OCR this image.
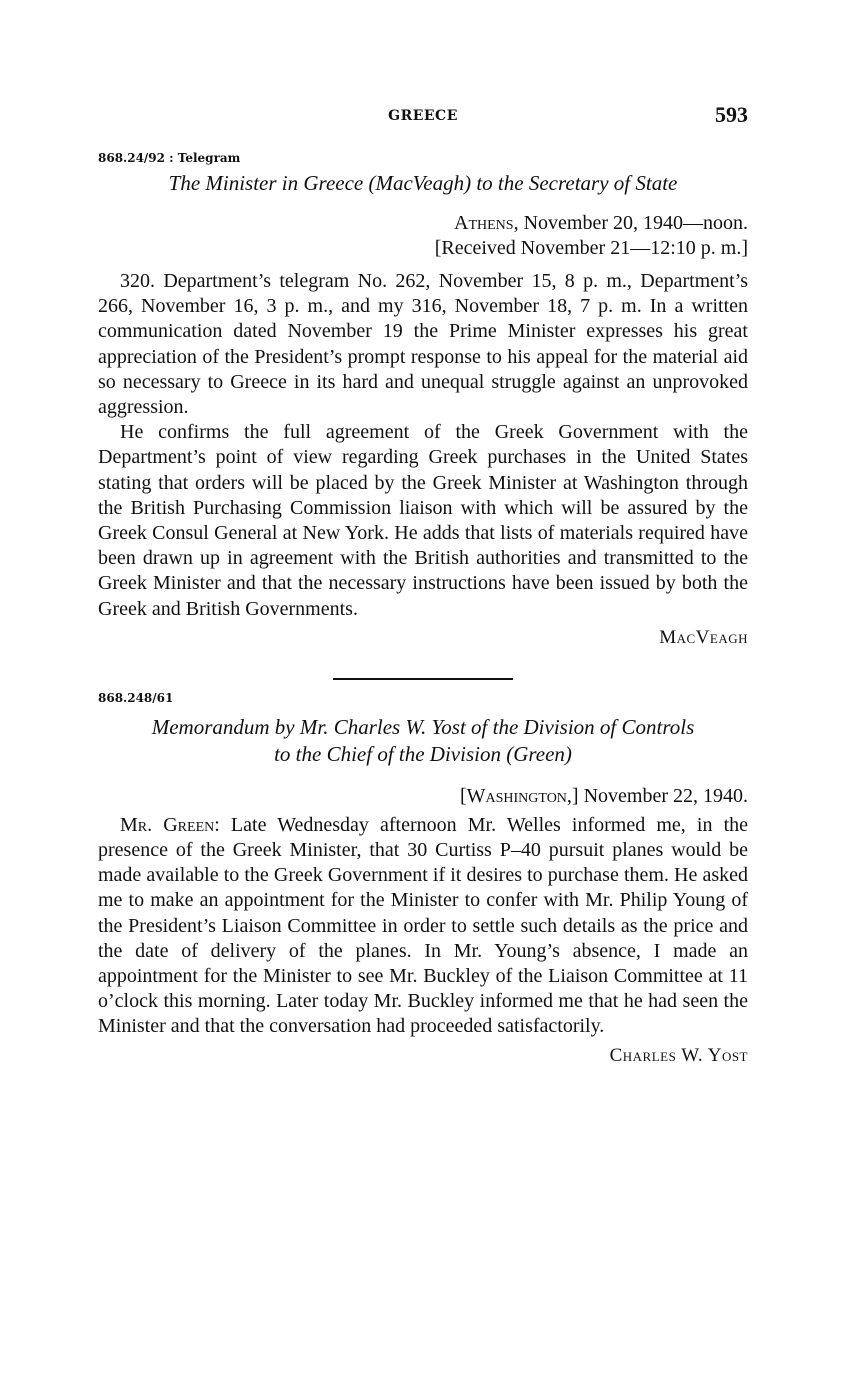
GREECE	593
868.24/92 : Telegram
The Minister in Greece (MacVeagh) to the Secretary of State
Athens, November 20, 1940—noon.
[Received November 21—12:10 p. m.]

320. Department’s telegram No. 262, November 15, 8 p. m., Department’s 266, November 16, 3 p. m., and my 316, November 18, 7 p. m. In a written communication dated November 19 the Prime Minister expresses his great appreciation of the President’s prompt response to his appeal for the material aid so necessary to Greece in its hard and unequal struggle against an unprovoked aggression.

He confirms the full agreement of the Greek Government with the Department’s point of view regarding Greek purchases in the United States stating that orders will be placed by the Greek Minister at Washington through the British Purchasing Commission liaison with which will be assured by the Greek Consul General at New York. He adds that lists of materials required have been drawn up in agreement with the British authorities and transmitted to the Greek Minister and that the necessary instructions have been issued by both the Greek and British Governments.

MacVeagh
868.248/61
Memorandum by Mr. Charles W. Yost of the Division of Controls
to the Chief of the Division (Green)
[Washington,] November 22, 1940.

Mr. Green: Late Wednesday afternoon Mr. Welles informed me, in the presence of the Greek Minister, that 30 Curtiss P–40 pursuit planes would be made available to the Greek Government if it desires to purchase them. He asked me to make an appointment for the Minister to confer with Mr. Philip Young of the President’s Liaison Committee in order to settle such details as the price and the date of delivery of the planes. In Mr. Young’s absence, I made an appointment for the Minister to see Mr. Buckley of the Liaison Committee at 11 o’clock this morning. Later today Mr. Buckley informed me that he had seen the Minister and that the conversation had proceeded satisfactorily.

Charles W. Yost
